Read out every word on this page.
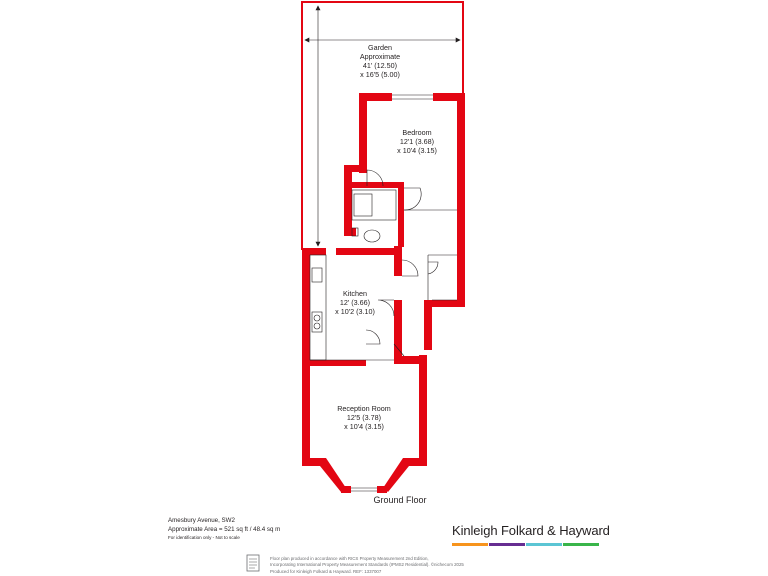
Garden
Approximate
41' (12.50)
x 16'5 (5.00)
Bedroom
12'1 (3.68)
x 10'4 (3.15)
Kitchen
12' (3.66)
x 10'2 (3.10)
Reception Room
12'5 (3.78)
x 10'4 (3.15)
Ground Floor
Amesbury Avenue, SW2
Approximate Area = 521 sq ft / 48.4 sq m
For identification only - Not to scale	Kinleigh Folkard & Hayward
Floor plan produced in accordance with RICS Property Measurement 2nd Edition,
Incorporating International Property Measurement Standards (IPMS2 Residential). ©nichecom 2025
Produced for Kinleigh Folkard & Hayward. REF: 1337007
